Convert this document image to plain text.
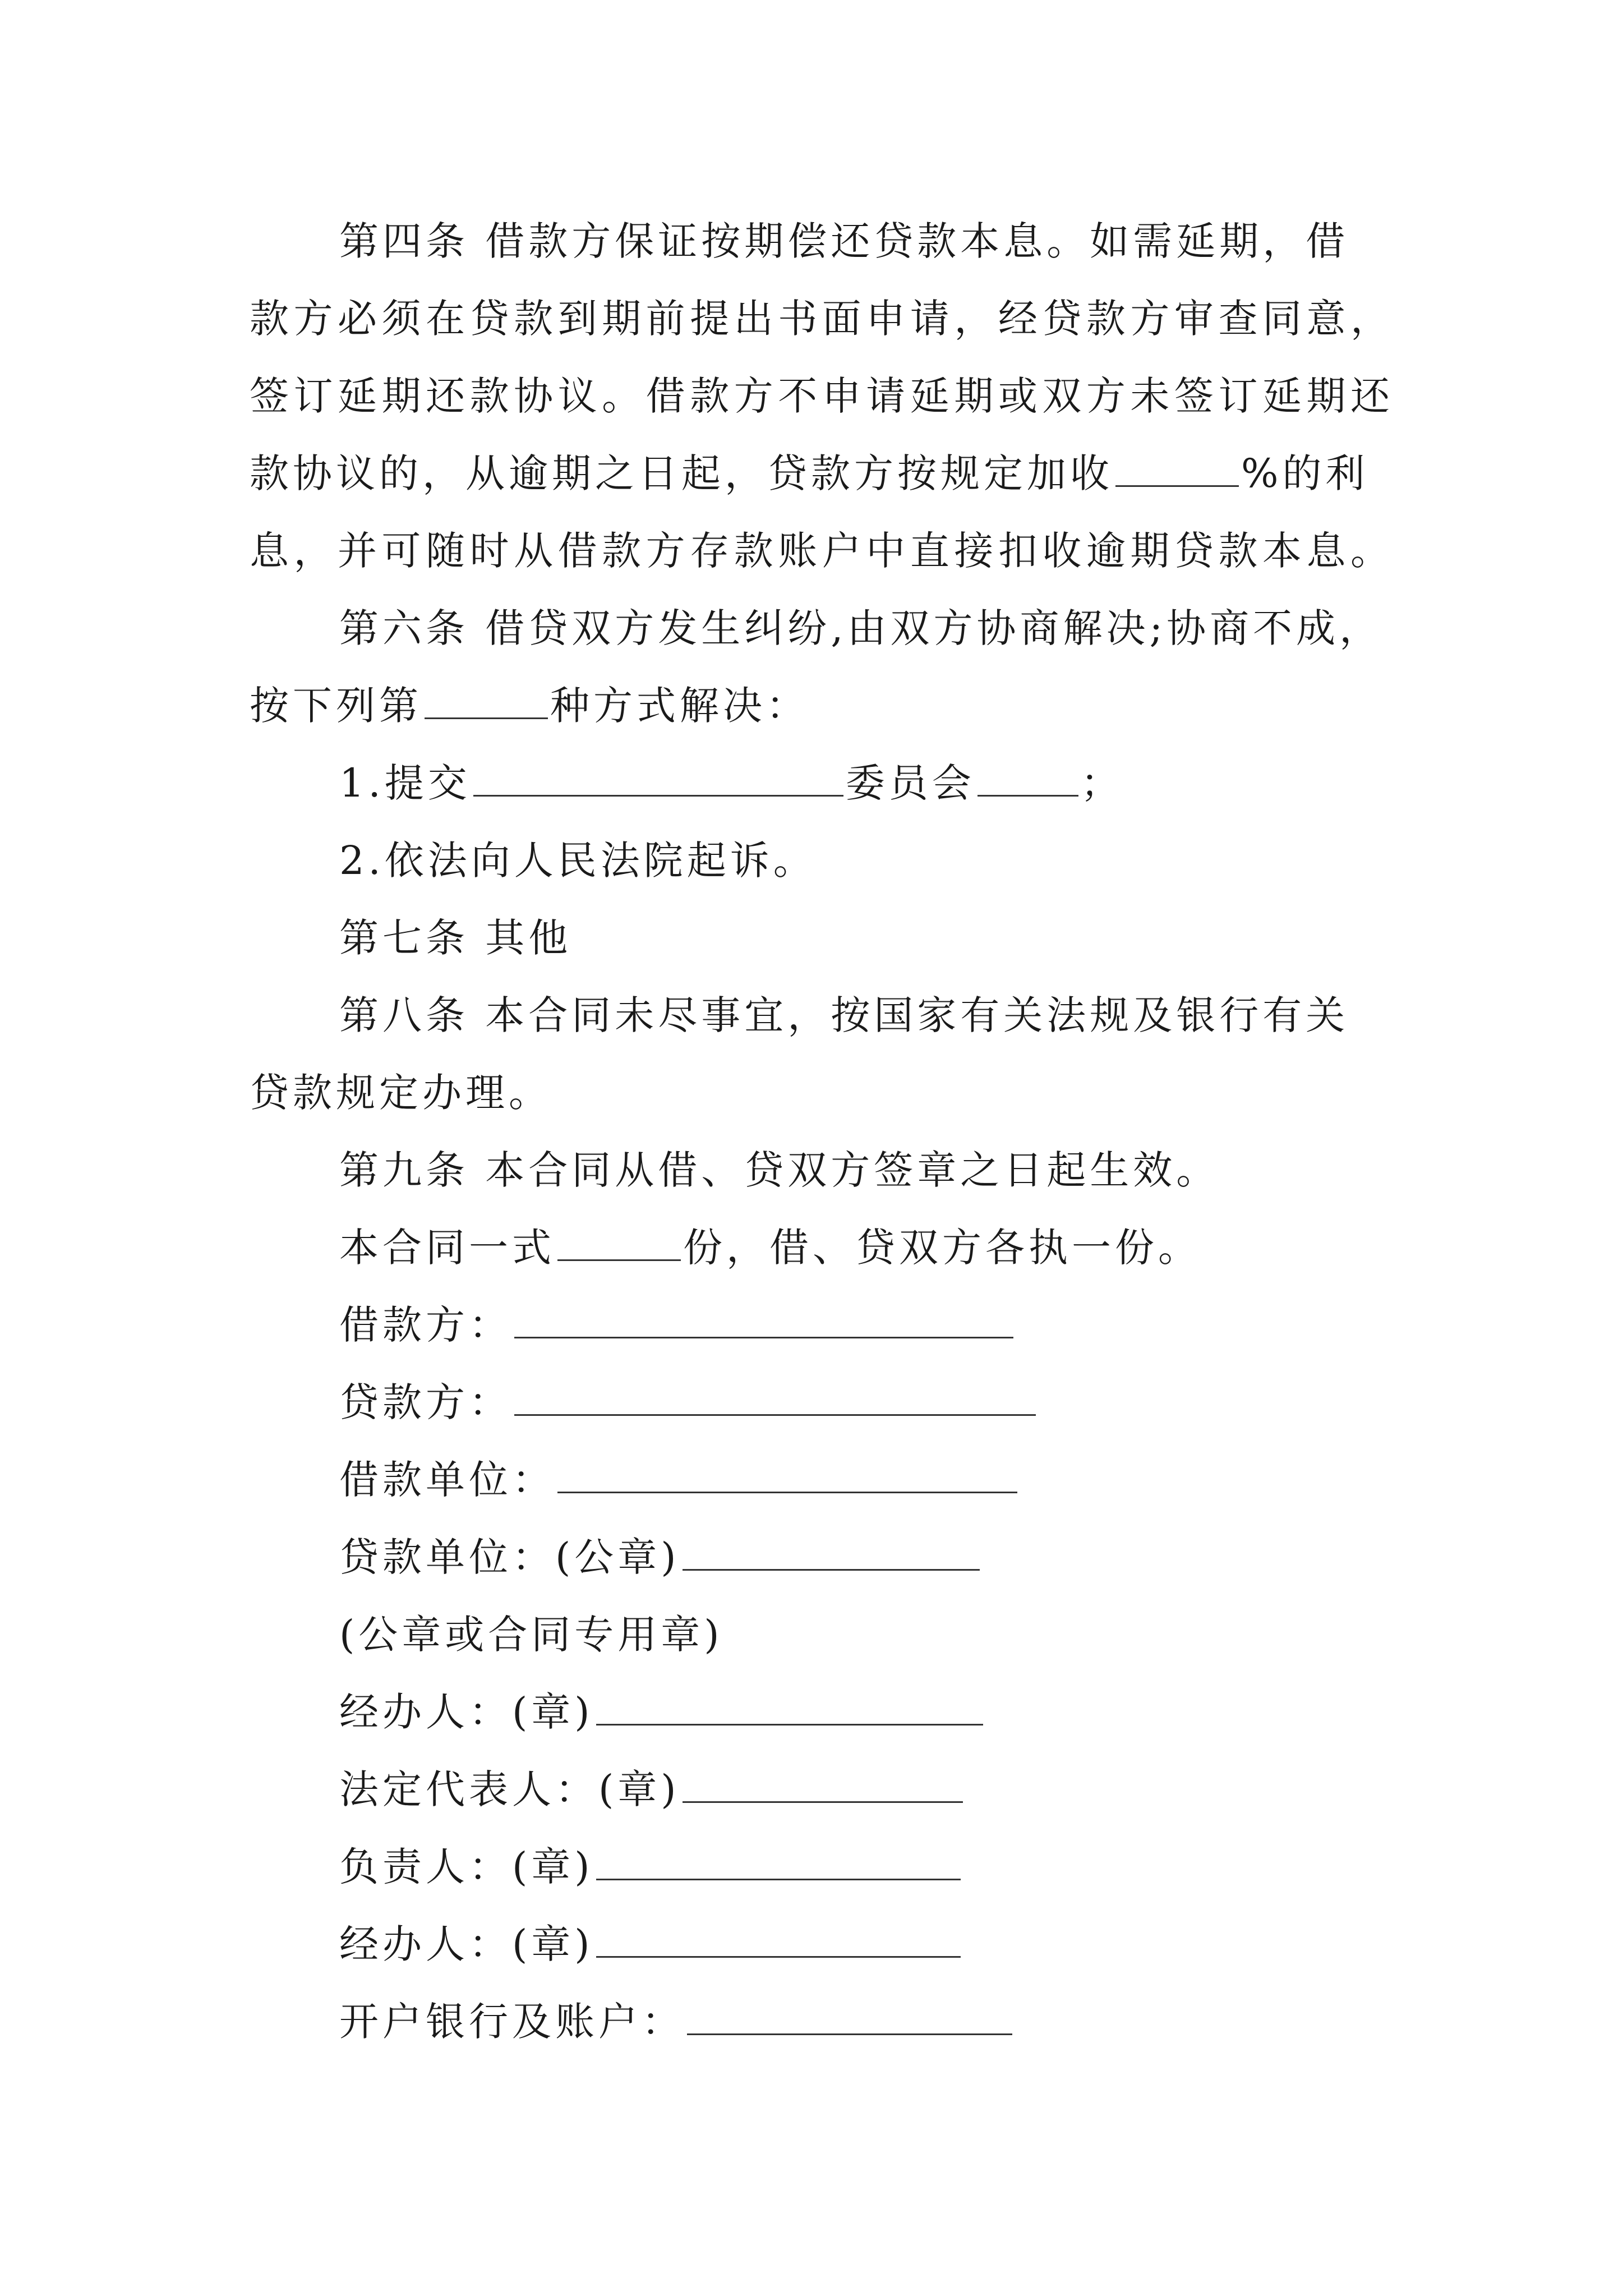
第四条 借款方保证按期偿还贷款本息。如需延期，借
款方必须在贷款到期前提出书面申请，经贷款方审查同意，
签订延期还款协议。借款方不申请延期或双方未签订延期还
款协议的，从逾期之日起，贷款方按规定加收	%的利
息，并可随时从借款方存款账户中直接扣收逾期贷款本息。
第六条 借贷双方发生纠纷,由双方协商解决;协商不成，
按下列第	种方式解决：
1.提交	委员会	；
2.依法向人民法院起诉。
第七条 其他
第八条 本合同未尽事宜，按国家有关法规及银行有关
贷款规定办理。
第九条 本合同从借、贷双方签章之日起生效。
本合同一式	份，借、贷双方各执一份。
借款方：
贷款方：
借款单位：
贷款单位：(公章)
(公章或合同专用章)
经办人：(章)
法定代表人：(章)
负责人：(章)
经办人：(章)
开户银行及账户：
